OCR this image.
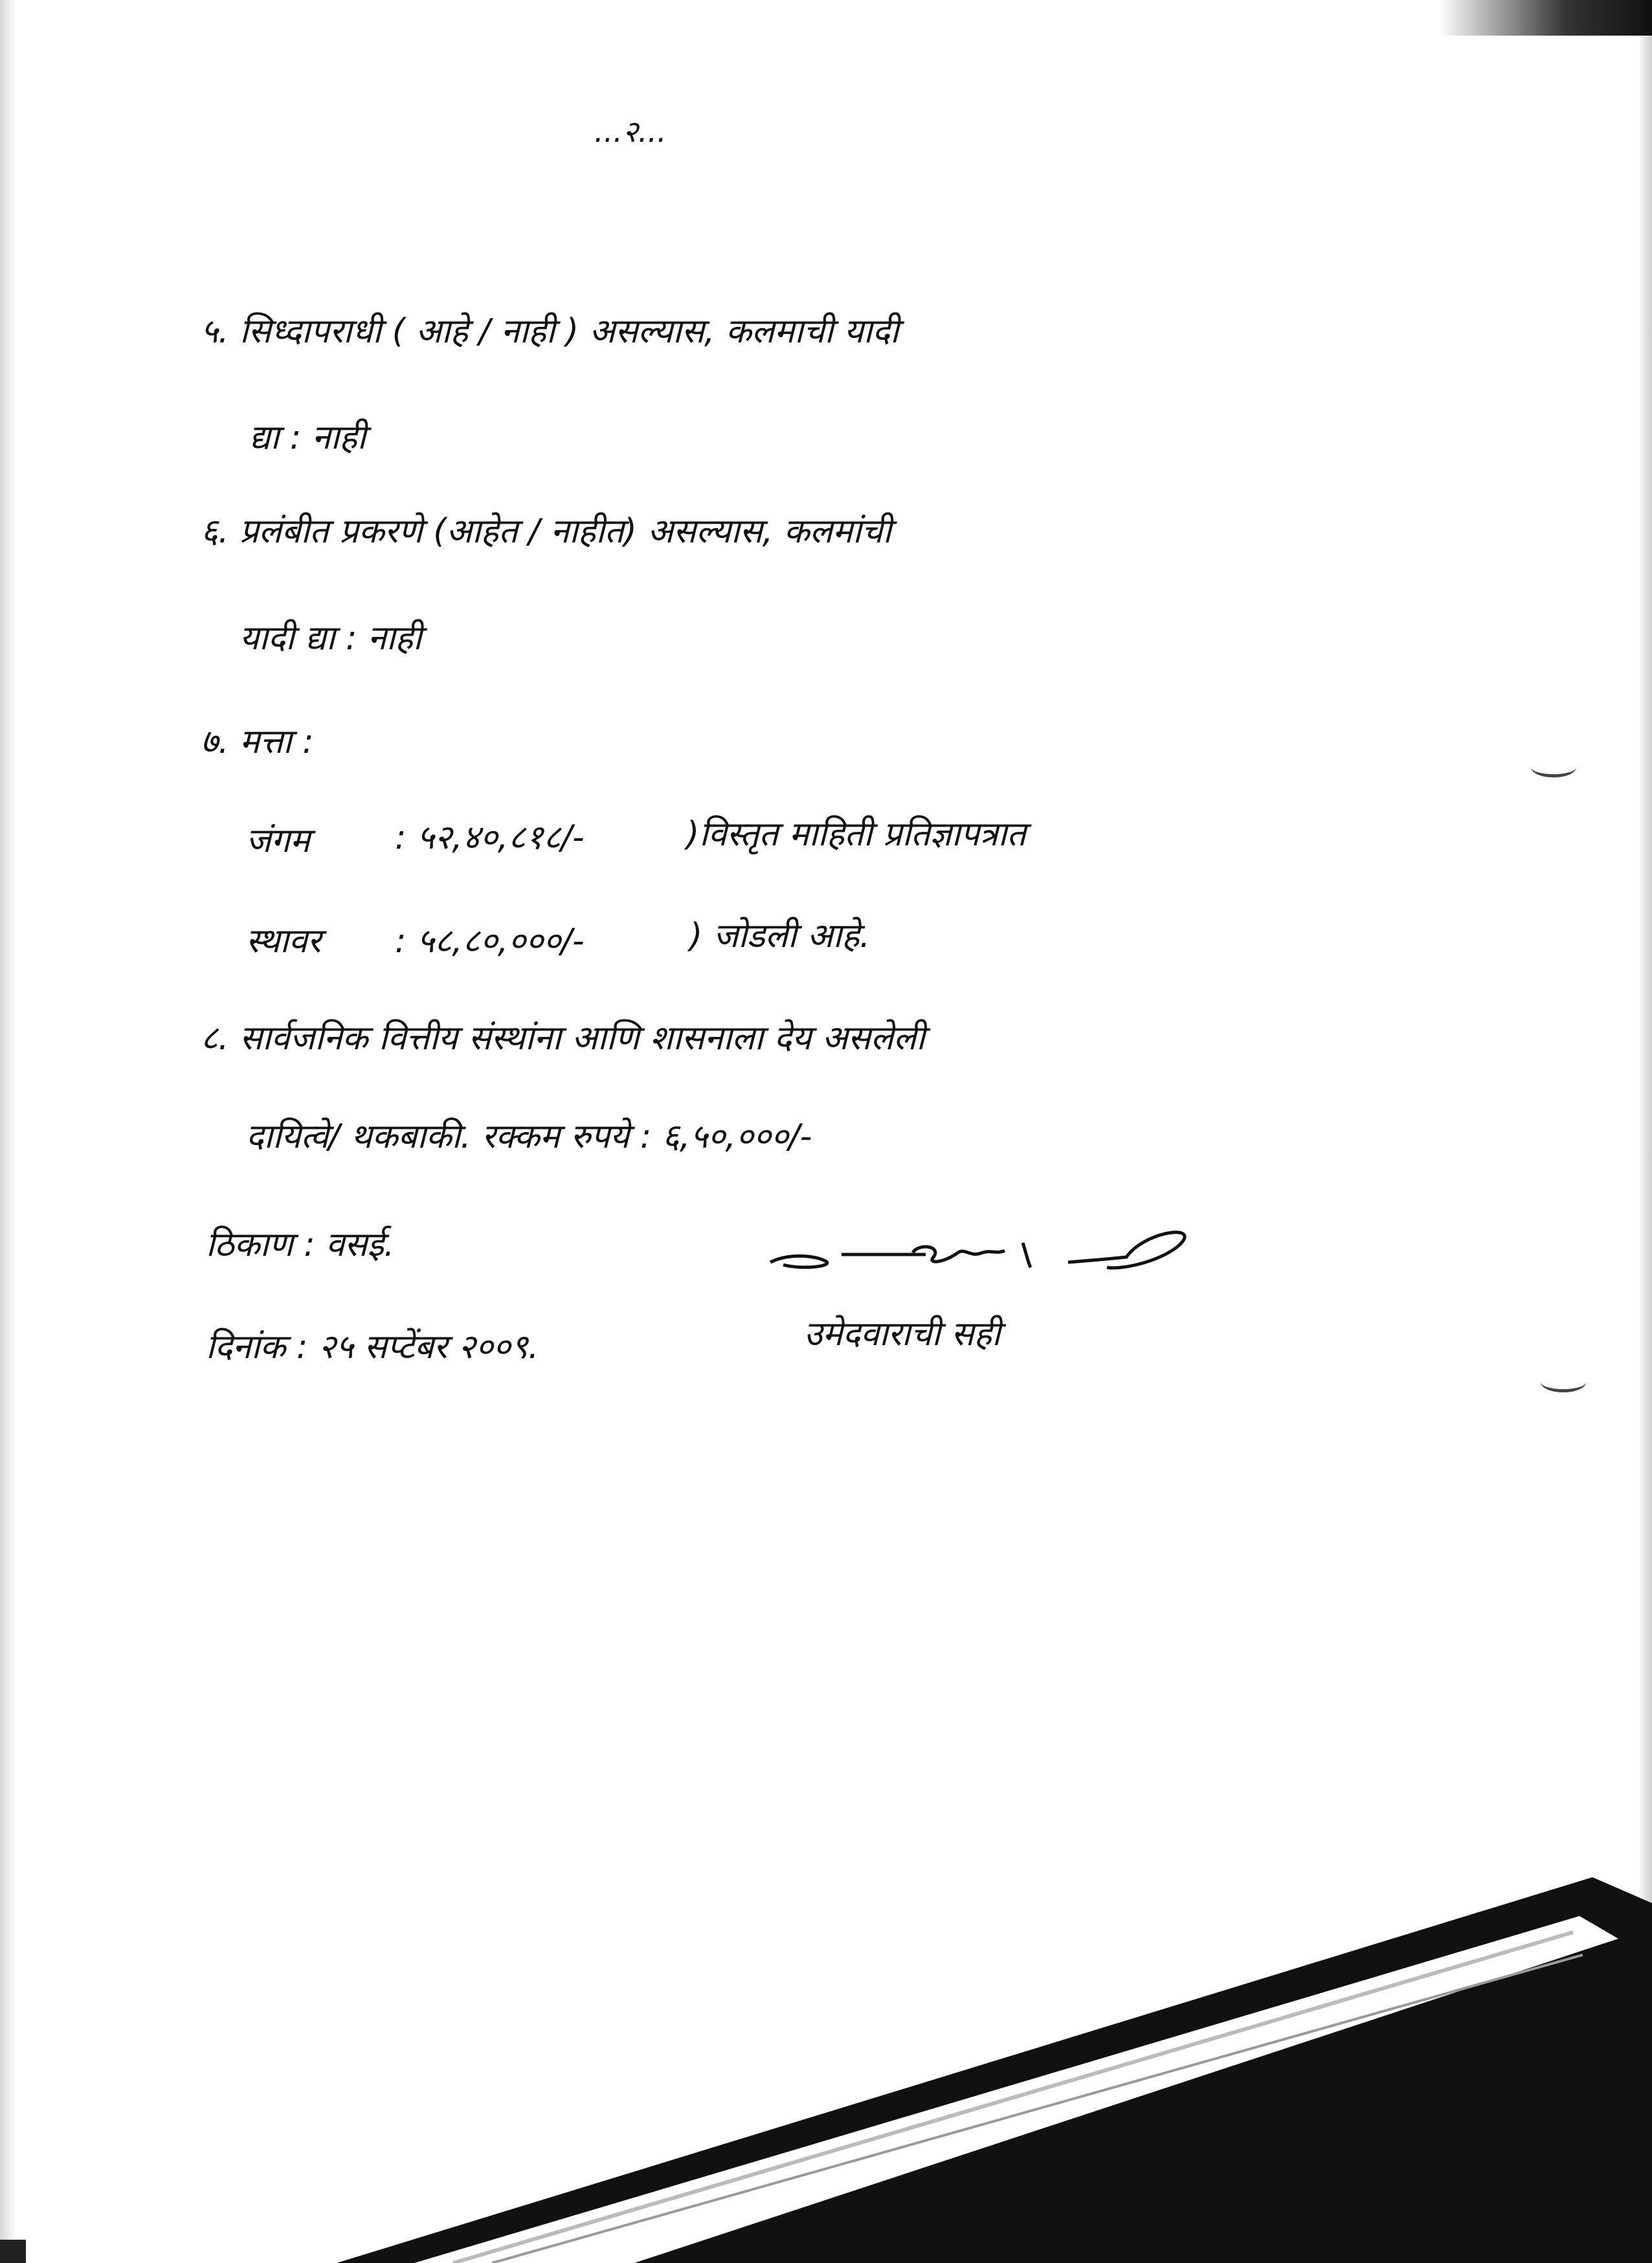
...२...
५. सिध्दापराधी ( आहे / नाही ) असल्यास, कलमाची यादी
द्या : नाही
६. प्रलंबीत प्रकरणे (आहेत / नाहीत) असल्यास, कलमांची
यादी द्या : नाही
७. मत्ता :
जंगम	: ५२,४०,८१८/-	)विस्तृत माहिती प्रतिज्ञापत्रात
स्थावर : ५८,८०,०००/-	) जोडली आहे.
८. सार्वजनिक वित्तीय संस्थांना आणि शासनाला देय असलेली
दायित्वे/ थकबाकी. रक्कम रुपये : ६,५०,०००/-
ठिकाण : वसई.
दिनांक : २५ सप्टेंबर २००९.	उमेदवाराची सही
